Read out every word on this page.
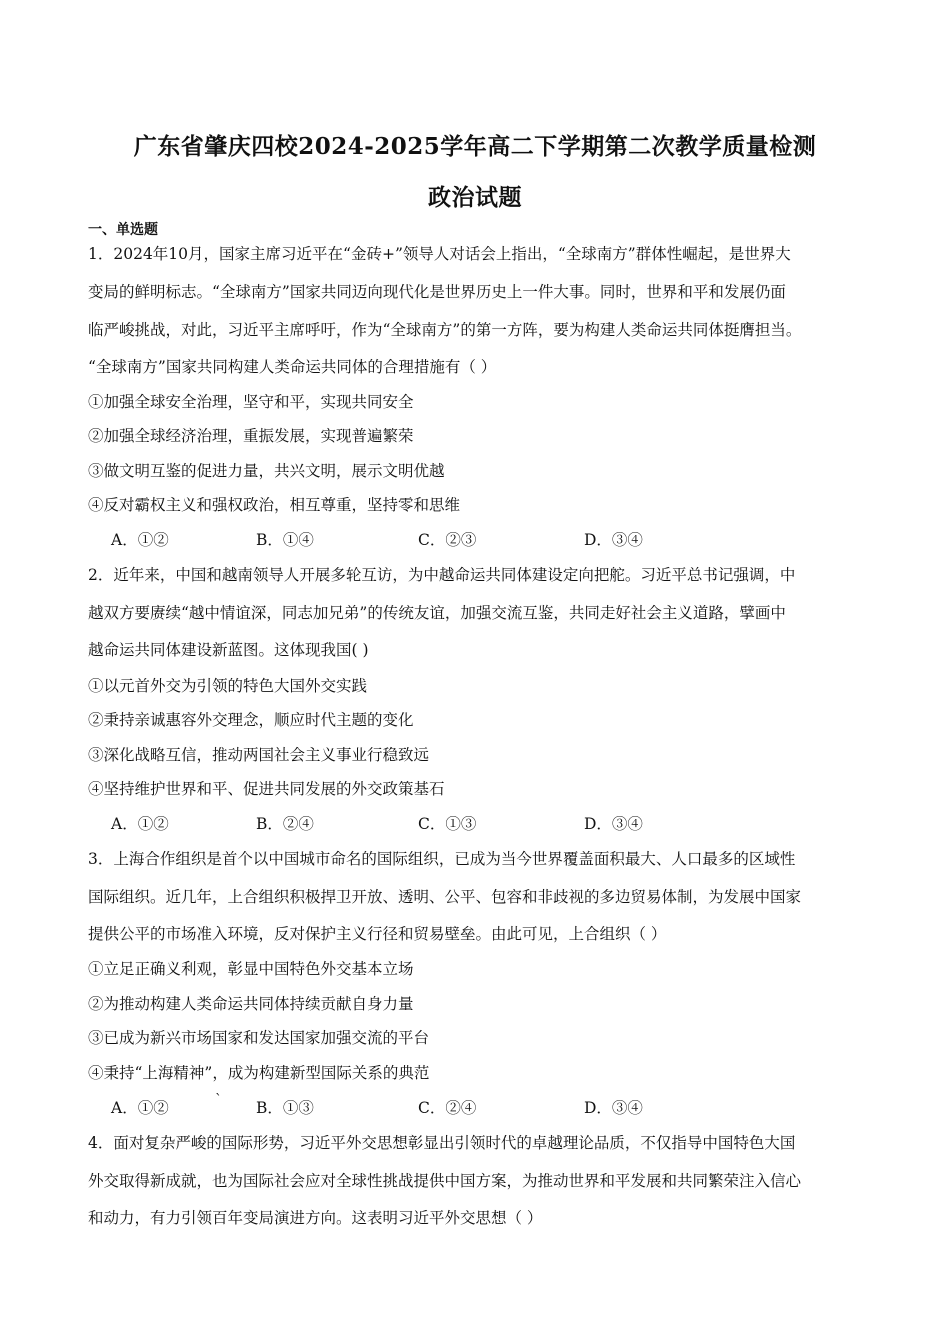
广东省肇庆四校2024-2025学年高二下学期第二次教学质量检测
政治试题
一、单选题
1．2024年10月，国家主席习近平在“金砖+”领导人对话会上指出，“全球南方”群体性崛起，是世界大
变局的鲜明标志。“全球南方”国家共同迈向现代化是世界历史上一件大事。同时，世界和平和发展仍面
临严峻挑战，对此，习近平主席呼吁，作为“全球南方”的第一方阵，要为构建人类命运共同体挺膺担当。
“全球南方”国家共同构建人类命运共同体的合理措施有（ ）
①加强全球安全治理，坚守和平，实现共同安全
②加强全球经济治理，重振发展，实现普遍繁荣
③做文明互鉴的促进力量，共兴文明，展示文明优越
④反对霸权主义和强权政治，相互尊重，坚持零和思维
A．①②	B．①④	C．②③	D．③④
2．近年来，中国和越南领导人开展多轮互访，为中越命运共同体建设定向把舵。习近平总书记强调，中
越双方要赓续“越中情谊深，同志加兄弟”的传统友谊，加强交流互鉴，共同走好社会主义道路，擘画中
越命运共同体建设新蓝图。这体现我国( )
①以元首外交为引领的特色大国外交实践
②秉持亲诚惠容外交理念，顺应时代主题的变化
③深化战略互信，推动两国社会主义事业行稳致远
④坚持维护世界和平、促进共同发展的外交政策基石
A．①②	B．②④	C．①③	D．③④
3．上海合作组织是首个以中国城市命名的国际组织，已成为当今世界覆盖面积最大、人口最多的区域性
国际组织。近几年，上合组织积极捍卫开放、透明、公平、包容和非歧视的多边贸易体制，为发展中国家
提供公平的市场准入环境，反对保护主义行径和贸易壁垒。由此可见，上合组织（ ）
①立足正确义利观，彰显中国特色外交基本立场
②为推动构建人类命运共同体持续贡献自身力量
③已成为新兴市场国家和发达国家加强交流的平台
④秉持“上海精神”，成为构建新型国际关系的典范
A．①②	` B．①③	C．②④	D．③④
4．面对复杂严峻的国际形势，习近平外交思想彰显出引领时代的卓越理论品质，不仅指导中国特色大国
外交取得新成就，也为国际社会应对全球性挑战提供中国方案，为推动世界和平发展和共同繁荣注入信心
和动力，有力引领百年变局演进方向。这表明习近平外交思想（ ）
